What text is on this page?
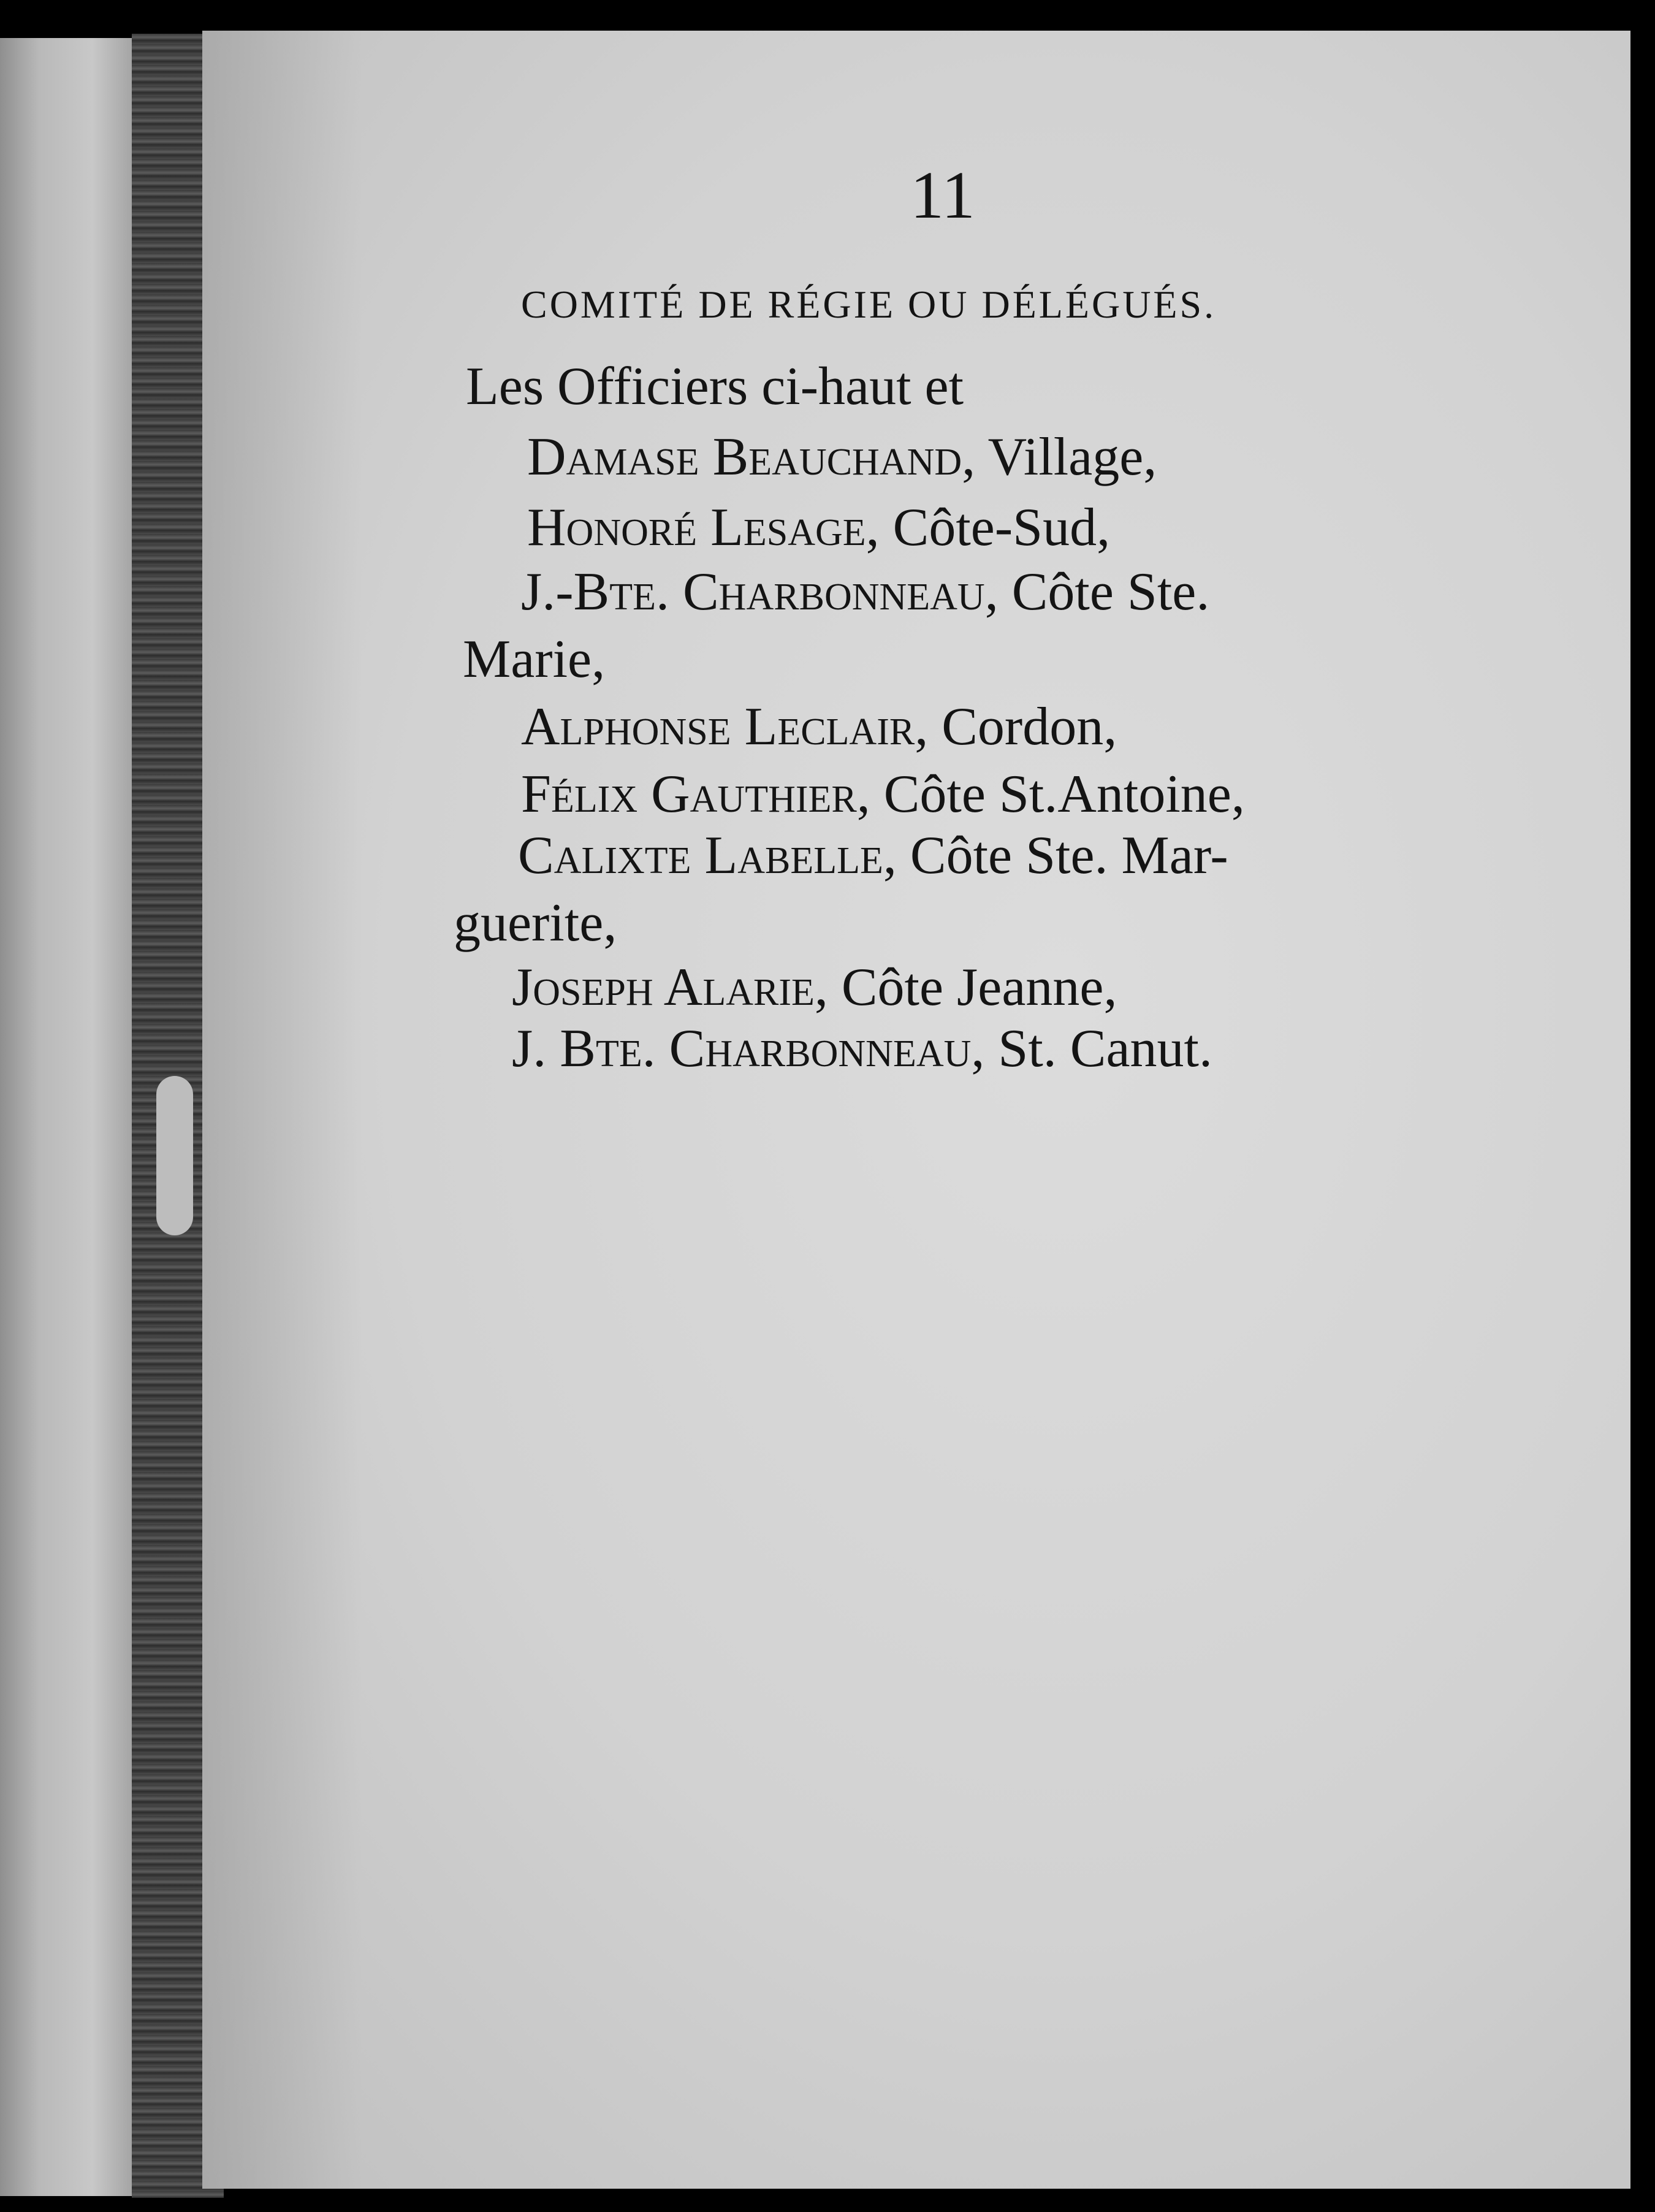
11
COMITÉ DE RÉGIE OU DÉLÉGUÉS.
Les Officiers ci-haut et
Damase Beauchand, Village,
Honoré Lesage, Côte-Sud,
J.-Bte. Charbonneau, Côte Ste.
Marie,
Alphonse Leclair, Cordon,
Félix Gauthier, Côte St.Antoine,
Calixte Labelle, Côte Ste. Mar-
guerite,
Joseph Alarie, Côte Jeanne,
J. Bte. Charbonneau, St. Canut.
